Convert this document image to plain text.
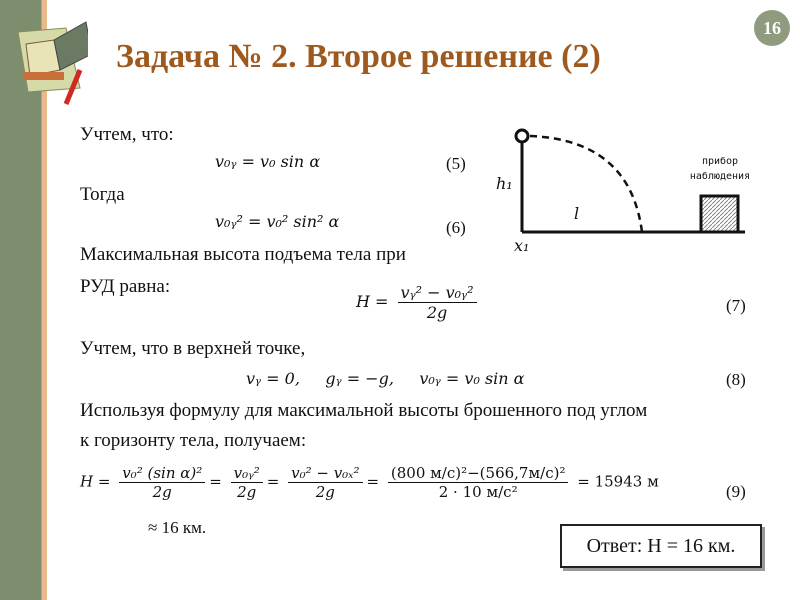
Задача № 2. Второе решение (2)
16
Учтем, что:
v₀ᵧ = v₀ sin α	(5)
Тогда
v₀ᵧ² = v₀² sin² α	(6)
Максимальная высота подъема тела при
РУД равна:
$H = \frac{\text{vᵧ² − v₀ᵧ²}}{2g}$	(7)
Учтем, что в верхней точке,
vᵧ = 0,     gᵧ = −g,     v₀ᵧ = v₀ sin α	(8)
Используя формулу для максимальной высоты брошенного под углом
к горизонту тела, получаем:
$H = \frac{\text{v₀² (sin α)²}}{2g} = \frac{\text{v₀ᵧ²}}{2g} = \frac{\text{v₀² − v₀ₓ²}}{2g} = \frac{\text{(800 м/с)²−(566,7м/с)²}}{\text{2 · 10 м/с²}} = 15943$ м
(9)
≈ 16 км.
h₁
l
x₁
прибор
наблюдения
Ответ: H = 16 км.
